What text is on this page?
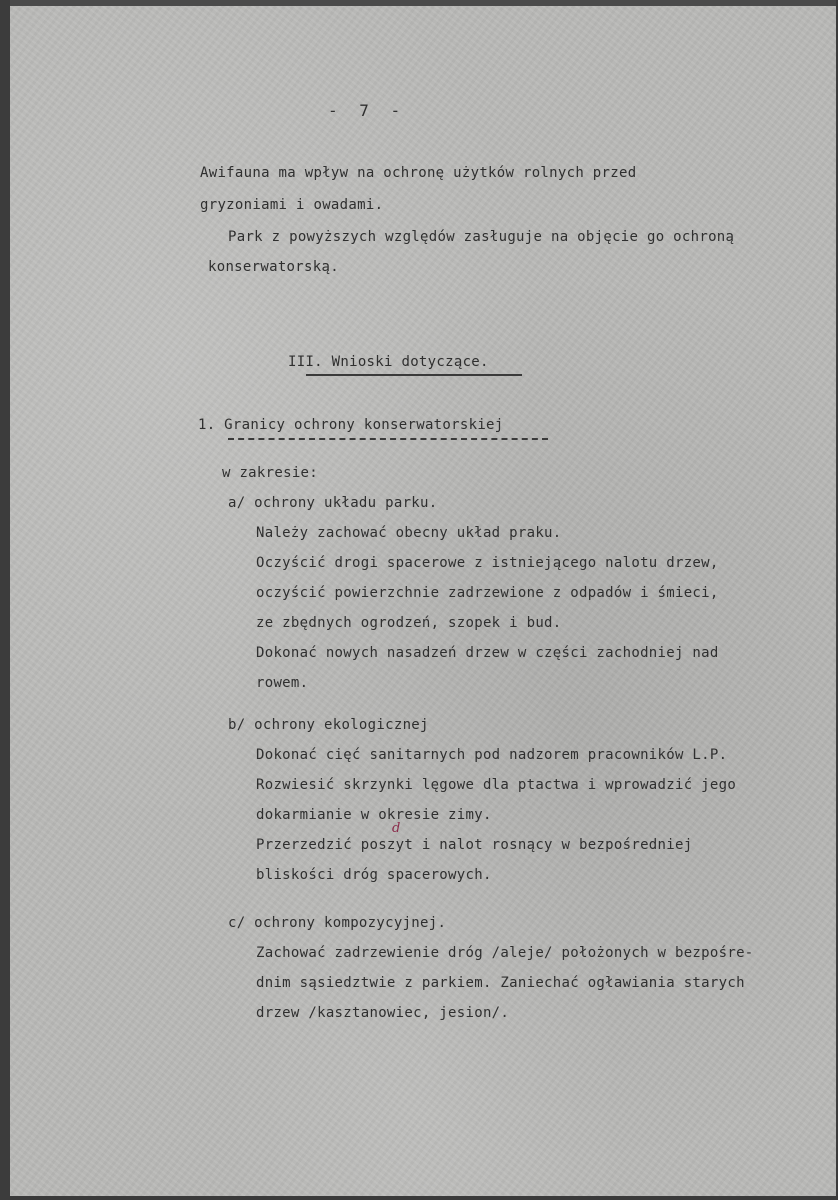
- 7 -
Awifauna ma wpływ na ochronę użytków rolnych przed
gryzoniami i owadami.
Park z powyższych względów zasługuje na objęcie go ochroną
konserwatorską.
III. Wnioski dotyczące.
1. Granicy ochrony konserwatorskiej
w zakresie:
a/ ochrony układu parku.
Należy zachować obecny układ praku.
Oczyścić drogi spacerowe z istniejącego nalotu drzew,
oczyścić powierzchnie zadrzewione z odpadów i śmieci,
ze zbędnych ogrodzeń, szopek i bud.
Dokonać nowych nasadzeń drzew w części zachodniej nad
rowem.
b/ ochrony ekologicznej
Dokonać cięć sanitarnych pod nadzorem pracowników L.P.
Rozwiesić skrzynki lęgowe dla ptactwa i wprowadzić jego
dokarmianie w okresie zimy.
Przerzedzić poszyt i nalot rosnący w bezpośredniej
d
bliskości dróg spacerowych.
c/ ochrony kompozycyjnej.
Zachować zadrzewienie dróg /aleje/ położonych w bezpośre-
dnim sąsiedztwie z parkiem. Zaniechać ogławiania starych
drzew /kasztanowiec, jesion/.
